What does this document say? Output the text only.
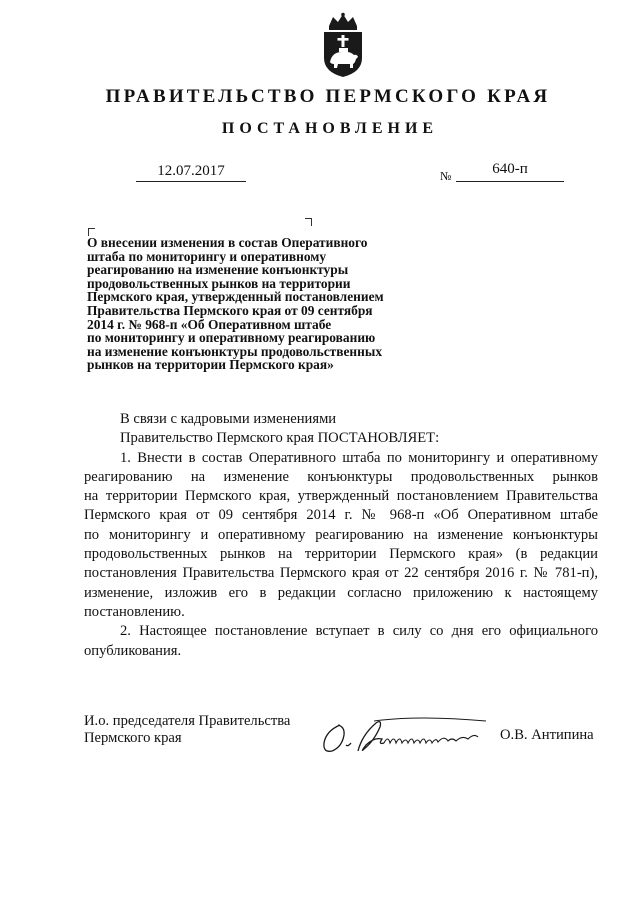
ПРАВИТЕЛЬСТВО ПЕРМСКОГО КРАЯ
ПОСТАНОВЛЕНИЕ
12.07.2017	№	640-п
О внесении изменения в состав Оперативного
штаба по мониторингу и оперативному
реагированию на изменение конъюнктуры
продовольственных рынков на территории
Пермского края, утвержденный постановлением
Правительства Пермского края от 09 сентября
2014 г. № 968-п «Об Оперативном штабе
по мониторингу и оперативному реагированию
на изменение конъюнктуры продовольственных
рынков на территории Пермского края»
В связи с кадровыми изменениями
Правительство Пермского края ПОСТАНОВЛЯЕТ:
1. Внести в состав Оперативного штаба по мониторингу и оперативному
реагированию на изменение конъюнктуры продовольственных рынков
на территории Пермского края, утвержденный постановлением Правительства
Пермского края от 09 сентября 2014 г. № 968-п «Об Оперативном штабе
по мониторингу и оперативному реагированию на изменение конъюнктуры
продовольственных рынков на территории Пермского края» (в редакции
постановления Правительства Пермского края от 22 сентября 2016 г. № 781-п),
изменение, изложив его в редакции согласно приложению к настоящему
постановлению.
2. Настоящее постановление вступает в силу со дня его официального
опубликования.
И.о. председателя Правительства
Пермского края	О.В. Антипина
